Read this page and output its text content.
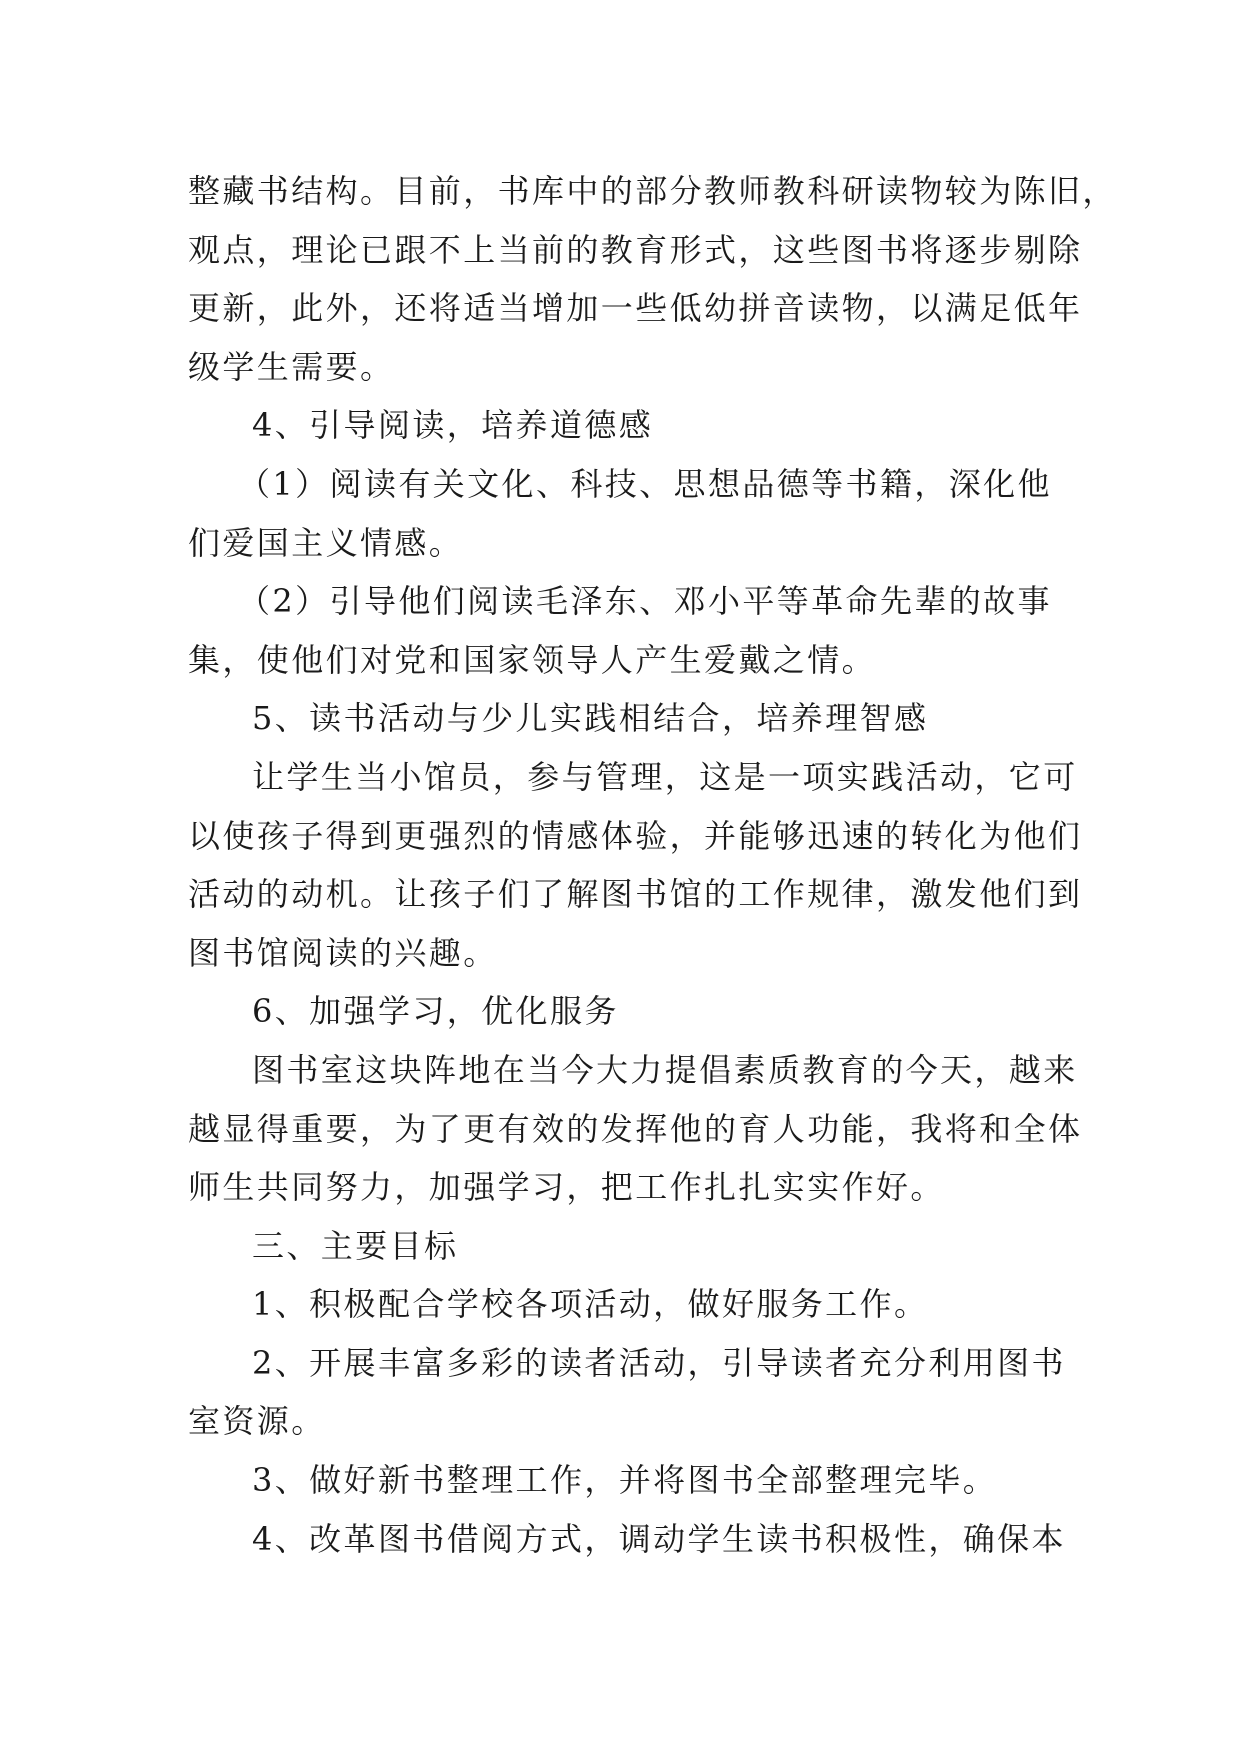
整藏书结构。目前，书库中的部分教师教科研读物较为陈旧，
观点，理论已跟不上当前的教育形式，这些图书将逐步剔除
更新，此外，还将适当增加一些低幼拼音读物，以满足低年
级学生需要。
4、引导阅读，培养道德感
（1）阅读有关文化、科技、思想品德等书籍，深化他
们爱国主义情感。
（2）引导他们阅读毛泽东、邓小平等革命先辈的故事
集，使他们对党和国家领导人产生爱戴之情。
5、读书活动与少儿实践相结合，培养理智感
让学生当小馆员，参与管理，这是一项实践活动，它可
以使孩子得到更强烈的情感体验，并能够迅速的转化为他们
活动的动机。让孩子们了解图书馆的工作规律，激发他们到
图书馆阅读的兴趣。
6、加强学习，优化服务
图书室这块阵地在当今大力提倡素质教育的今天，越来
越显得重要，为了更有效的发挥他的育人功能，我将和全体
师生共同努力，加强学习，把工作扎扎实实作好。
三、主要目标
1、积极配合学校各项活动，做好服务工作。
2、开展丰富多彩的读者活动，引导读者充分利用图书
室资源。
3、做好新书整理工作，并将图书全部整理完毕。
4、改革图书借阅方式，调动学生读书积极性，确保本
